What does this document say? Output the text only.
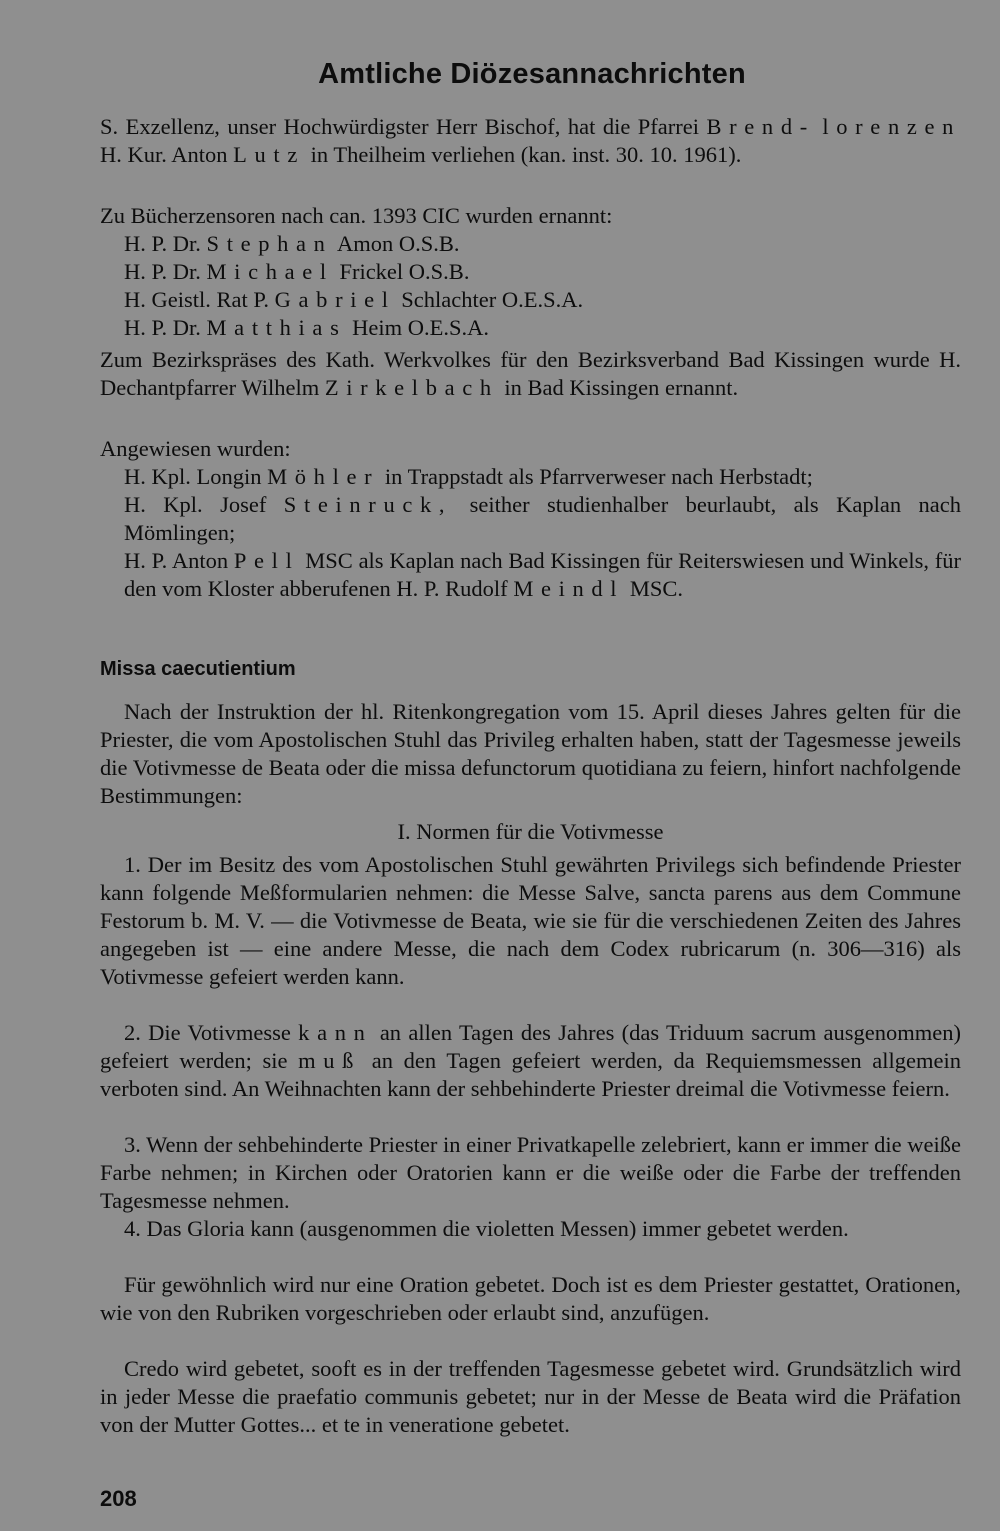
Amtliche Diözesannachrichten
S. Exzellenz, unser Hochwürdigster Herr Bischof, hat die Pfarrei Brend- lorenzen H. Kur. Anton Lutz in Theilheim verliehen (kan. inst. 30. 10. 1961).
Zu Bücherzensoren nach can. 1393 CIC wurden ernannt:
H. P. Dr. Stephan Amon O.S.B.
H. P. Dr. Michael Frickel O.S.B.
H. Geistl. Rat P. Gabriel Schlachter O.E.S.A.
H. P. Dr. Matthias Heim O.E.S.A.
Zum Bezirkspräses des Kath. Werkvolkes für den Bezirksverband Bad Kissingen wurde H. Dechantpfarrer Wilhelm Zirkelbach in Bad Kissingen ernannt.
Angewiesen wurden:
H. Kpl. Longin Möhler in Trappstadt als Pfarrverweser nach Herbstadt;
H. Kpl. Josef Steinruck, seither studienhalber beurlaubt, als Kaplan nach Mömlingen;
H. P. Anton Pell MSC als Kaplan nach Bad Kissingen für Reiterswiesen und Winkels, für den vom Kloster abberufenen H. P. Rudolf Meindl MSC.
Missa caecutientium
Nach der Instruktion der hl. Ritenkongregation vom 15. April dieses Jahres gelten für die Priester, die vom Apostolischen Stuhl das Privileg erhalten haben, statt der Tagesmesse jeweils die Votivmesse de Beata oder die missa defunctorum quotidiana zu feiern, hinfort nachfolgende Bestimmungen:
I. Normen für die Votivmesse
1. Der im Besitz des vom Apostolischen Stuhl gewährten Privilegs sich befindende Priester kann folgende Meßformularien nehmen: die Messe Salve, sancta parens aus dem Commune Festorum b. M. V. — die Votivmesse de Beata, wie sie für die verschiedenen Zeiten des Jahres angegeben ist — eine andere Messe, die nach dem Codex rubricarum (n. 306—316) als Votivmesse gefeiert werden kann.
2. Die Votivmesse kann an allen Tagen des Jahres (das Triduum sacrum ausgenommen) gefeiert werden; sie muß an den Tagen gefeiert werden, da Requiemsmessen allgemein verboten sind. An Weihnachten kann der sehbehinderte Priester dreimal die Votivmesse feiern.
3. Wenn der sehbehinderte Priester in einer Privatkapelle zelebriert, kann er immer die weiße Farbe nehmen; in Kirchen oder Oratorien kann er die weiße oder die Farbe der treffenden Tagesmesse nehmen.
4. Das Gloria kann (ausgenommen die violetten Messen) immer gebetet werden.
Für gewöhnlich wird nur eine Oration gebetet. Doch ist es dem Priester gestattet, Orationen, wie von den Rubriken vorgeschrieben oder erlaubt sind, anzufügen.
Credo wird gebetet, sooft es in der treffenden Tagesmesse gebetet wird. Grundsätzlich wird in jeder Messe die praefatio communis gebetet; nur in der Messe de Beata wird die Präfation von der Mutter Gottes... et te in veneratione gebetet.
208
